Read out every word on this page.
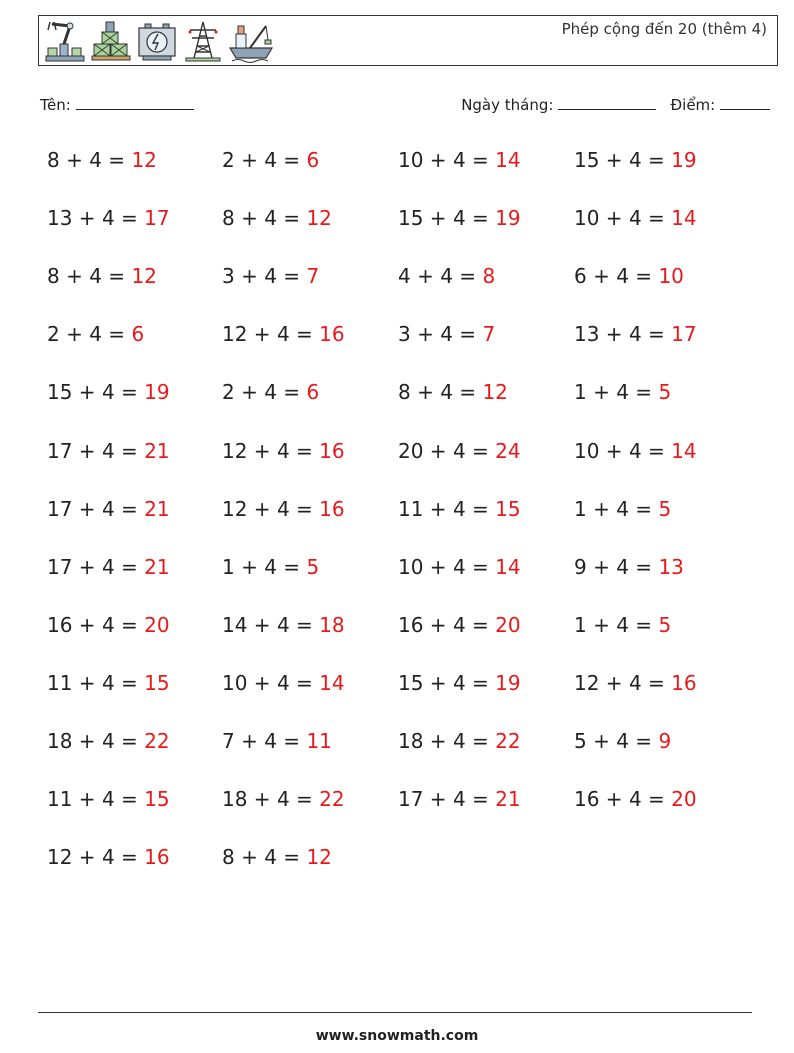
Phép cộng đến 20 (thêm 4)
Tên:	Ngày tháng:	Điểm:
8 + 4 = 12	2 + 4 = 6	10 + 4 = 14	15 + 4 = 19
13 + 4 = 17	8 + 4 = 12	15 + 4 = 19	10 + 4 = 14
8 + 4 = 12	3 + 4 = 7	4 + 4 = 8	6 + 4 = 10
2 + 4 = 6	12 + 4 = 16	3 + 4 = 7	13 + 4 = 17
15 + 4 = 19	2 + 4 = 6	8 + 4 = 12	1 + 4 = 5
17 + 4 = 21	12 + 4 = 16	20 + 4 = 24	10 + 4 = 14
17 + 4 = 21	12 + 4 = 16	11 + 4 = 15	1 + 4 = 5
17 + 4 = 21	1 + 4 = 5	10 + 4 = 14	9 + 4 = 13
16 + 4 = 20	14 + 4 = 18	16 + 4 = 20	1 + 4 = 5
11 + 4 = 15	10 + 4 = 14	15 + 4 = 19	12 + 4 = 16
18 + 4 = 22	7 + 4 = 11	18 + 4 = 22	5 + 4 = 9
11 + 4 = 15	18 + 4 = 22	17 + 4 = 21	16 + 4 = 20
12 + 4 = 16	8 + 4 = 12
www.snowmath.com
